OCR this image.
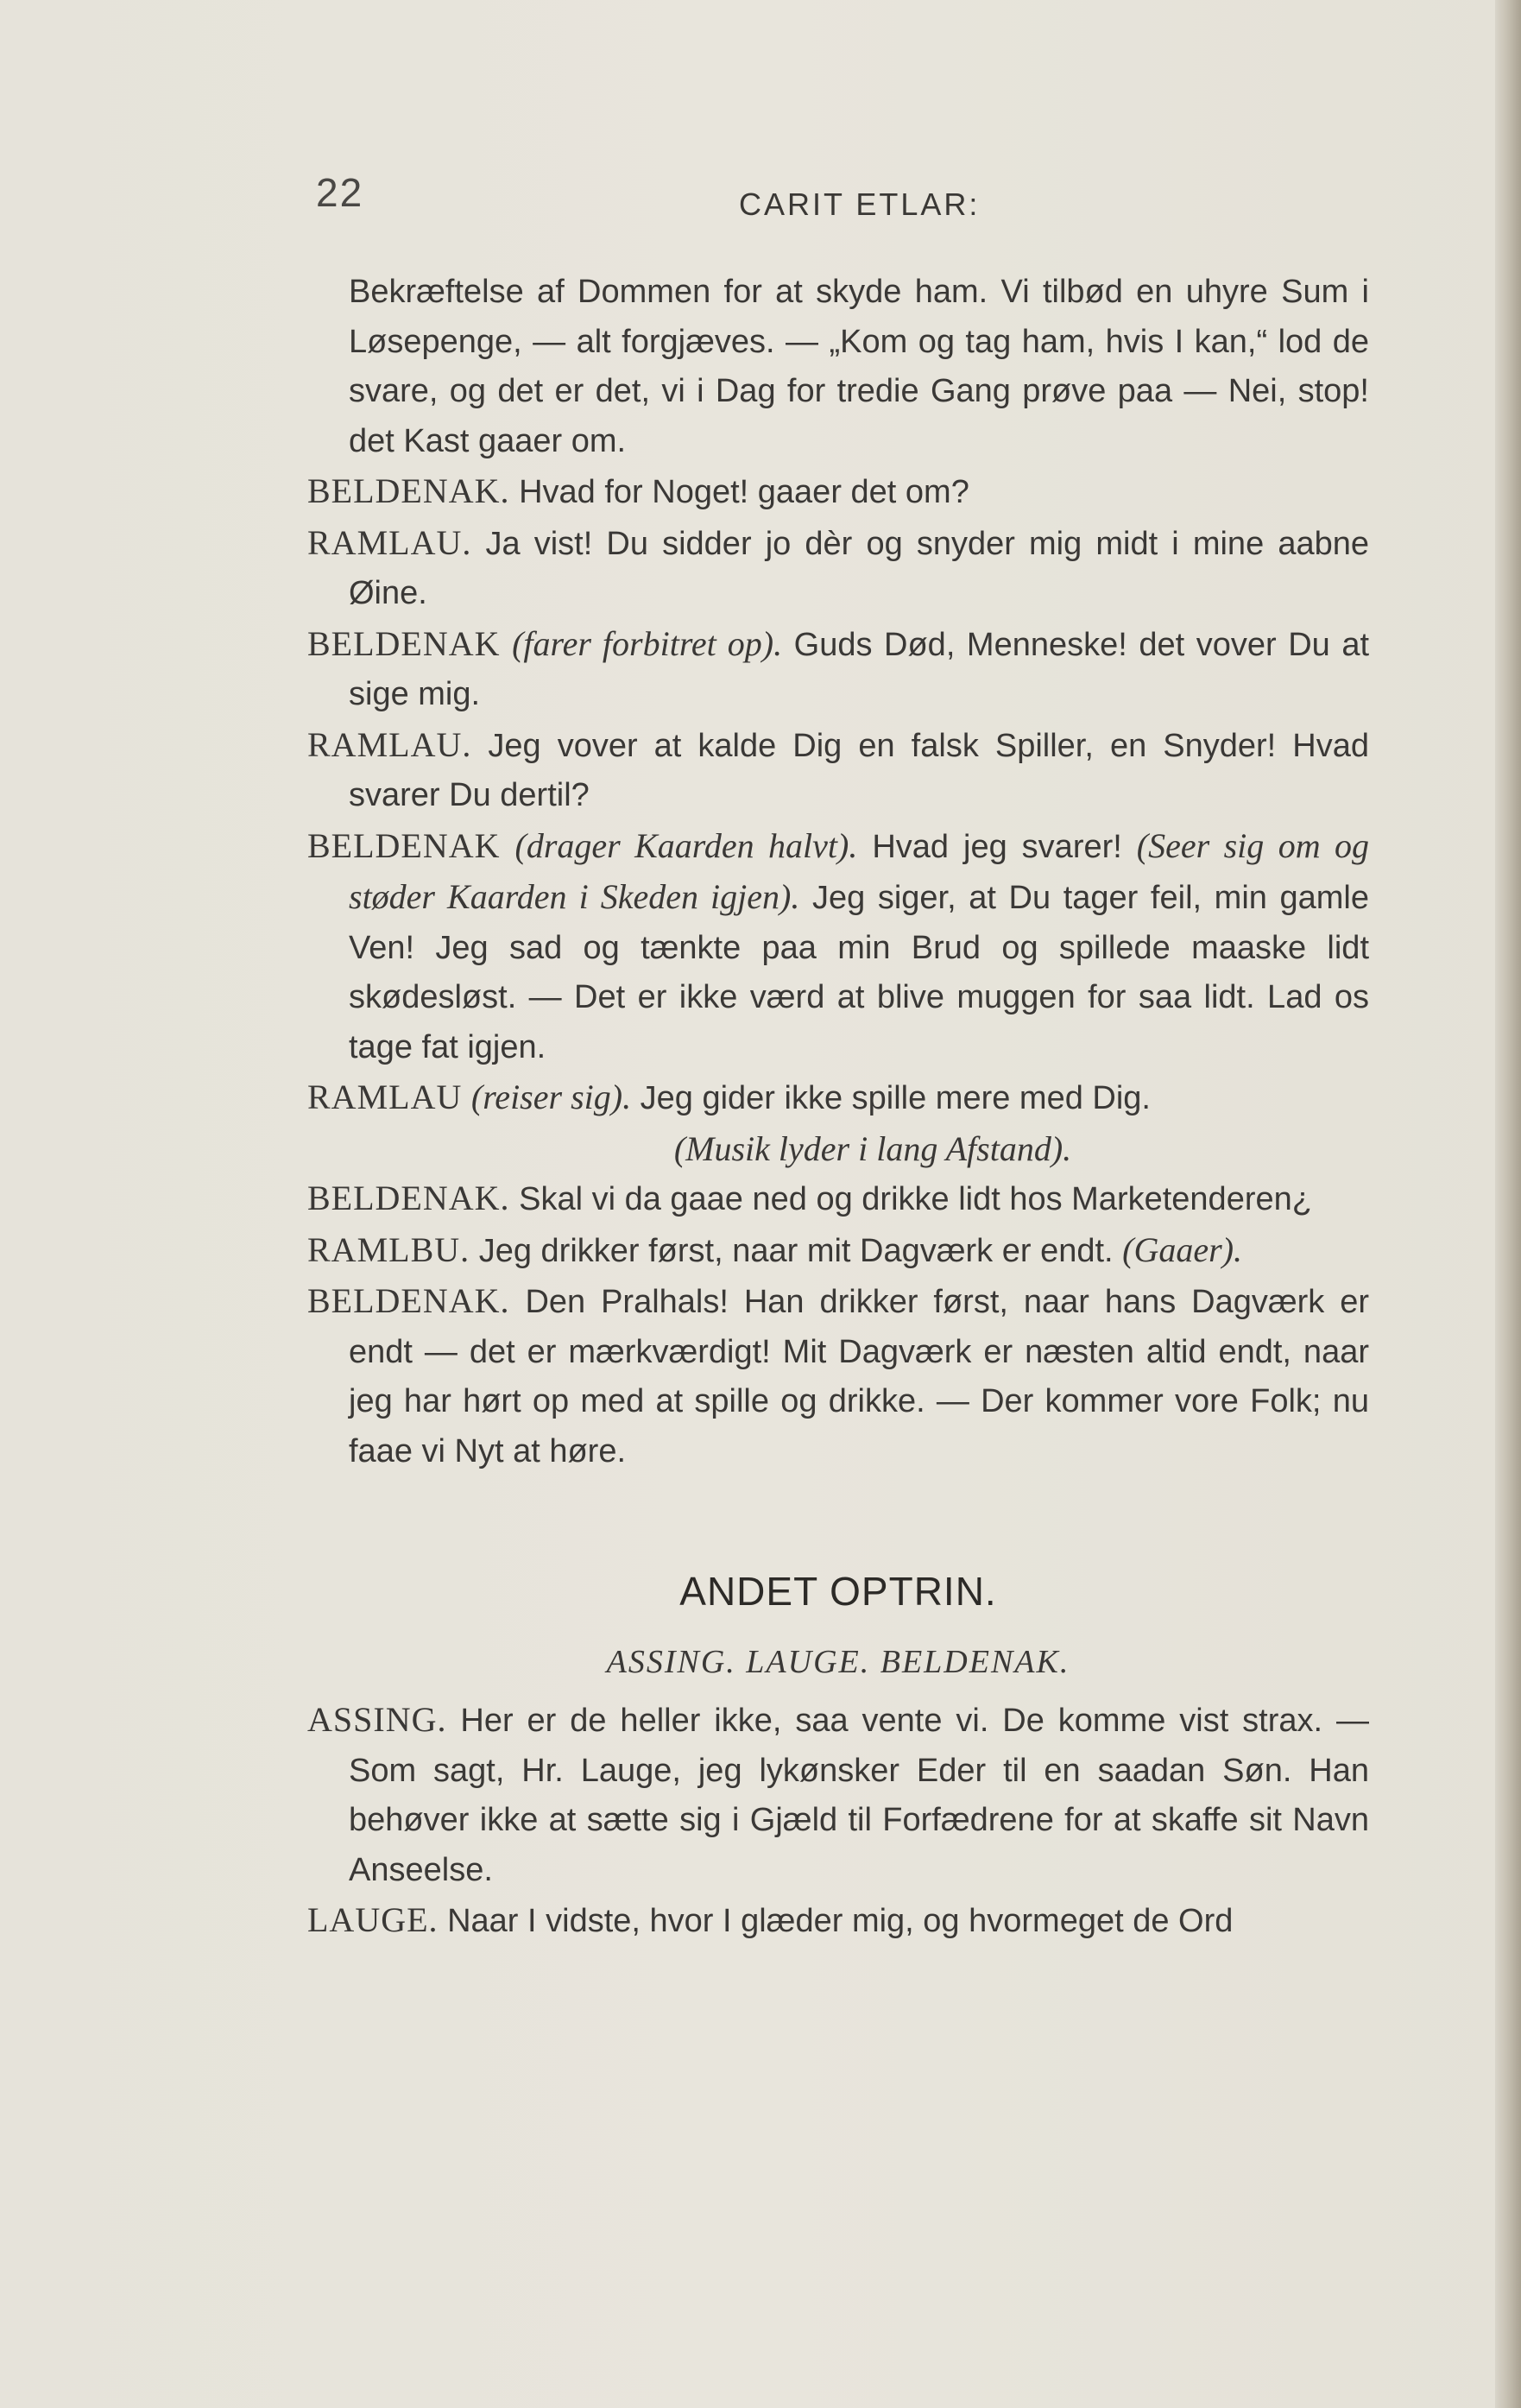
22	CARIT ETLAR:

Bekræftelse af Dommen for at skyde ham. Vi tilbød en uhyre Sum i Løsepenge, — alt forgjæves. — „Kom og tag ham, hvis I kan,“ lod de svare, og det er det, vi i Dag for tredie Gang prøve paa — Nei, stop! det Kast gaaer om.

BELDENAK. Hvad for Noget! gaaer det om?

RAMLAU. Ja vist! Du sidder jo dèr og snyder mig midt i mine aabne Øine.

BELDENAK (farer forbitret op). Guds Død, Menneske! det vover Du at sige mig.

RAMLAU. Jeg vover at kalde Dig en falsk Spiller, en Snyder! Hvad svarer Du dertil?

BELDENAK (drager Kaarden halvt). Hvad jeg svarer! (Seer sig om og støder Kaarden i Skeden igjen). Jeg siger, at Du tager feil, min gamle Ven! Jeg sad og tænkte paa min Brud og spillede maaske lidt skødesløst. — Det er ikke værd at blive muggen for saa lidt. Lad os tage fat igjen.

RAMLAU (reiser sig). Jeg gider ikke spille mere med Dig.

(Musik lyder i lang Afstand).

BELDENAK. Skal vi da gaae ned og drikke lidt hos Marketenderen¿

RAMLBU. Jeg drikker først, naar mit Dagværk er endt. (Gaaer).

BELDENAK. Den Pralhals! Han drikker først, naar hans Dagværk er endt — det er mærkværdigt! Mit Dagværk er næsten altid endt, naar jeg har hørt op med at spille og drikke. — Der kommer vore Folk; nu faae vi Nyt at høre.

ANDET OPTRIN.
ASSING. LAUGE. BELDENAK.

ASSING. Her er de heller ikke, saa vente vi. De komme vist strax. — Som sagt, Hr. Lauge, jeg lykønsker Eder til en saadan Søn. Han behøver ikke at sætte sig i Gjæld til Forfædrene for at skaffe sit Navn Anseelse.

LAUGE. Naar I vidste, hvor I glæder mig, og hvormeget de Ord
